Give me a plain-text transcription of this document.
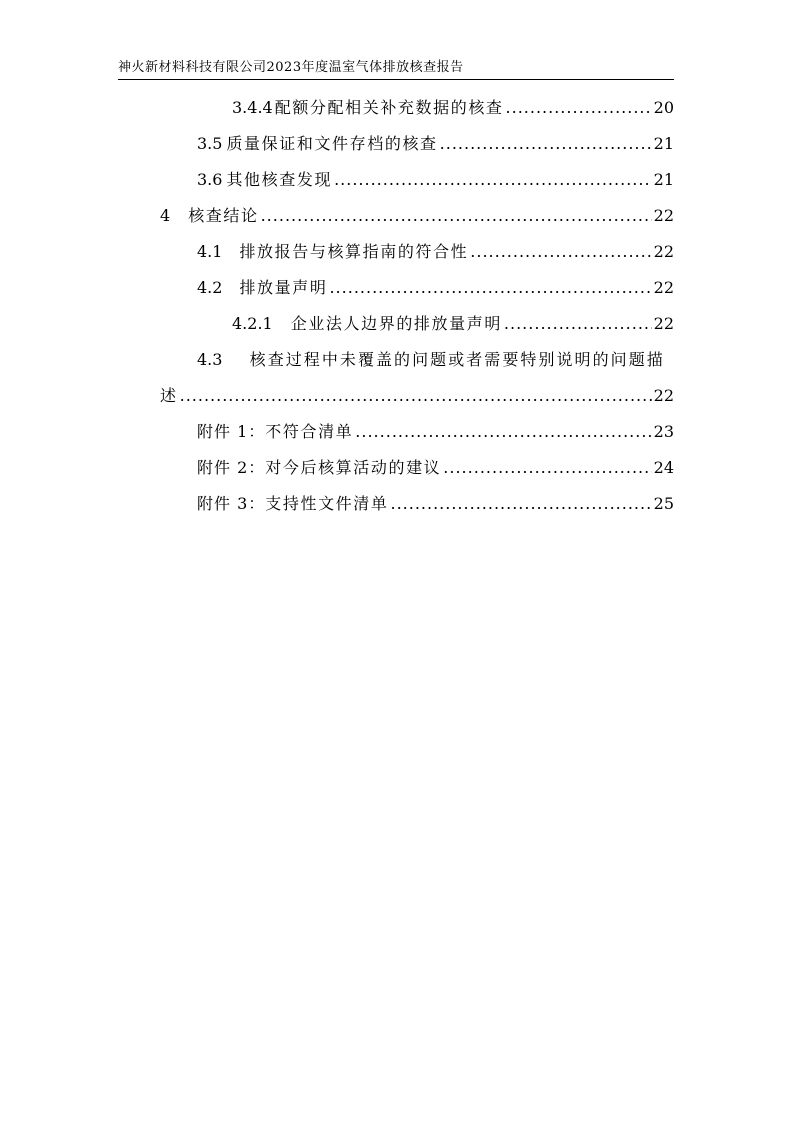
神火新材料科技有限公司2023年度温室气体排放核查报告
3.4.4 配额分配相关补充数据的核查 .....	20
3.5 质量保证和文件存档的核查 .....	21
3.6 其他核查发现 .....	21
4 核查结论 .....	22
4.1 排放报告与核算指南的符合性 .....	22
4.2 排放量声明 .....	22
4.2.1 企业法人边界的排放量声明 .....	22
4.3 核查过程中未覆盖的问题或者需要特别说明的问题描
述 .....	22
附件 1： 不符合清单 .....	23
附件 2： 对今后核算活动的建议 .....	24
附件 3： 支持性文件清单 .....	25
